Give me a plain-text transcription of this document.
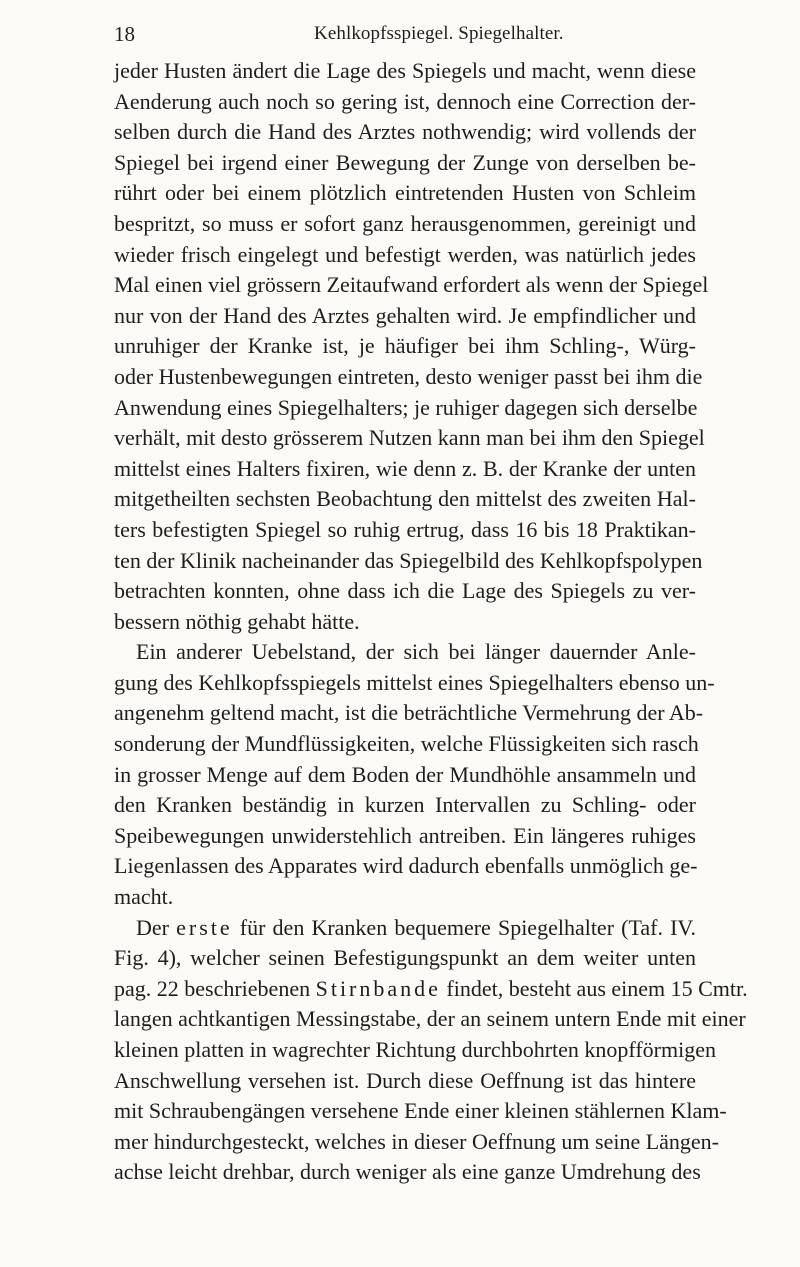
18	Kehlkopfsspiegel. Spiegelhalter.
jeder Husten ändert die Lage des Spiegels und macht, wenn diese
Aenderung auch noch so gering ist, dennoch eine Correction der-
selben durch die Hand des Arztes nothwendig; wird vollends der
Spiegel bei irgend einer Bewegung der Zunge von derselben be-
rührt oder bei einem plötzlich eintretenden Husten von Schleim
bespritzt, so muss er sofort ganz herausgenommen, gereinigt und
wieder frisch eingelegt und befestigt werden, was natürlich jedes
Mal einen viel grössern Zeitaufwand erfordert als wenn der Spiegel
nur von der Hand des Arztes gehalten wird. Je empfindlicher und
unruhiger der Kranke ist, je häufiger bei ihm Schling-, Würg-
oder Hustenbewegungen eintreten, desto weniger passt bei ihm die
Anwendung eines Spiegelhalters; je ruhiger dagegen sich derselbe
verhält, mit desto grösserem Nutzen kann man bei ihm den Spiegel
mittelst eines Halters fixiren, wie denn z. B. der Kranke der unten
mitgetheilten sechsten Beobachtung den mittelst des zweiten Hal-
ters befestigten Spiegel so ruhig ertrug, dass 16 bis 18 Praktikan-
ten der Klinik nacheinander das Spiegelbild des Kehlkopfspolypen
betrachten konnten, ohne dass ich die Lage des Spiegels zu ver-
bessern nöthig gehabt hätte.
Ein anderer Uebelstand, der sich bei länger dauernder Anle-
gung des Kehlkopfsspiegels mittelst eines Spiegelhalters ebenso un-
angenehm geltend macht, ist die beträchtliche Vermehrung der Ab-
sonderung der Mundflüssigkeiten, welche Flüssigkeiten sich rasch
in grosser Menge auf dem Boden der Mundhöhle ansammeln und
den Kranken beständig in kurzen Intervallen zu Schling- oder
Speibewegungen unwiderstehlich antreiben. Ein längeres ruhiges
Liegenlassen des Apparates wird dadurch ebenfalls unmöglich ge-
macht.
Der erste für den Kranken bequemere Spiegelhalter (Taf. IV.
Fig. 4), welcher seinen Befestigungspunkt an dem weiter unten
pag. 22 beschriebenen Stirnbande findet, besteht aus einem 15 Cmtr.
langen achtkantigen Messingstabe, der an seinem untern Ende mit einer
kleinen platten in wagrechter Richtung durchbohrten knopfförmigen
Anschwellung versehen ist. Durch diese Oeffnung ist das hintere
mit Schraubengängen versehene Ende einer kleinen stählernen Klam-
mer hindurchgesteckt, welches in dieser Oeffnung um seine Längen-
achse leicht drehbar, durch weniger als eine ganze Umdrehung des
